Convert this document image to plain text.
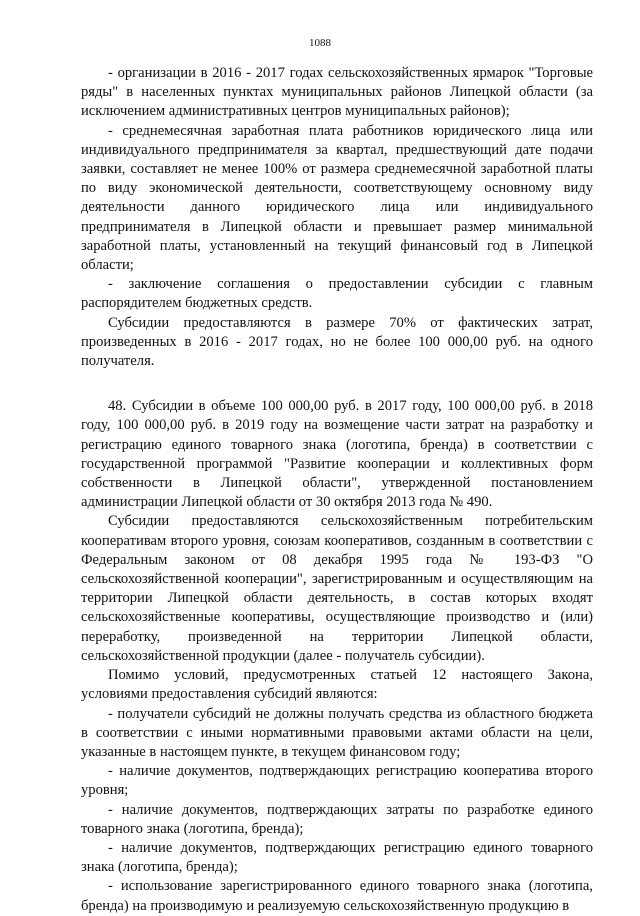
1088

- организации в 2016 - 2017 годах сельскохозяйственных ярмарок "Торговые ряды" в населенных пунктах муниципальных районов Липецкой области (за исключением административных центров муниципальных районов);

- среднемесячная заработная плата работников юридического лица или индивидуального предпринимателя за квартал, предшествующий дате подачи заявки, составляет не менее 100% от размера среднемесячной заработной платы по виду экономической деятельности, соответствующему основному виду деятельности данного юридического лица или индивидуального предпринимателя в Липецкой области и превышает размер минимальной заработной платы, установленный на текущий финансовый год в Липецкой области;

- заключение соглашения о предоставлении субсидии с главным распорядителем бюджетных средств.

Субсидии предоставляются в размере 70% от фактических затрат, произведенных в 2016 - 2017 годах, но не более 100 000,00 руб. на одного получателя.

48. Субсидии в объеме 100 000,00 руб. в 2017 году, 100 000,00 руб. в 2018 году, 100 000,00 руб. в 2019 году на возмещение части затрат на разработку и регистрацию единого товарного знака (логотипа, бренда) в соответствии с государственной программой "Развитие кооперации и коллективных форм собственности в Липецкой области", утвержденной постановлением администрации Липецкой области от 30 октября 2013 года № 490.

Субсидии предоставляются сельскохозяйственным потребительским кооперативам второго уровня, союзам кооперативов, созданным в соответствии с Федеральным законом от 08 декабря 1995 года № 193-ФЗ "О сельскохозяйственной кооперации", зарегистрированным и осуществляющим на территории Липецкой области деятельность, в состав которых входят сельскохозяйственные кооперативы, осуществляющие производство и (или) переработку, произведенной на территории Липецкой области, сельскохозяйственной продукции (далее - получатель субсидии).

Помимо условий, предусмотренных статьей 12 настоящего Закона, условиями предоставления субсидий являются:

- получатели субсидий не должны получать средства из областного бюджета в соответствии с иными нормативными правовыми актами области на цели, указанные в настоящем пункте, в текущем финансовом году;

- наличие документов, подтверждающих регистрацию кооператива второго уровня;

- наличие документов, подтверждающих затраты по разработке единого товарного знака (логотипа, бренда);

- наличие документов, подтверждающих регистрацию единого товарного знака (логотипа, бренда);

- использование зарегистрированного единого товарного знака (логотипа, бренда) на производимую и реализуемую сельскохозяйственную продукцию в
